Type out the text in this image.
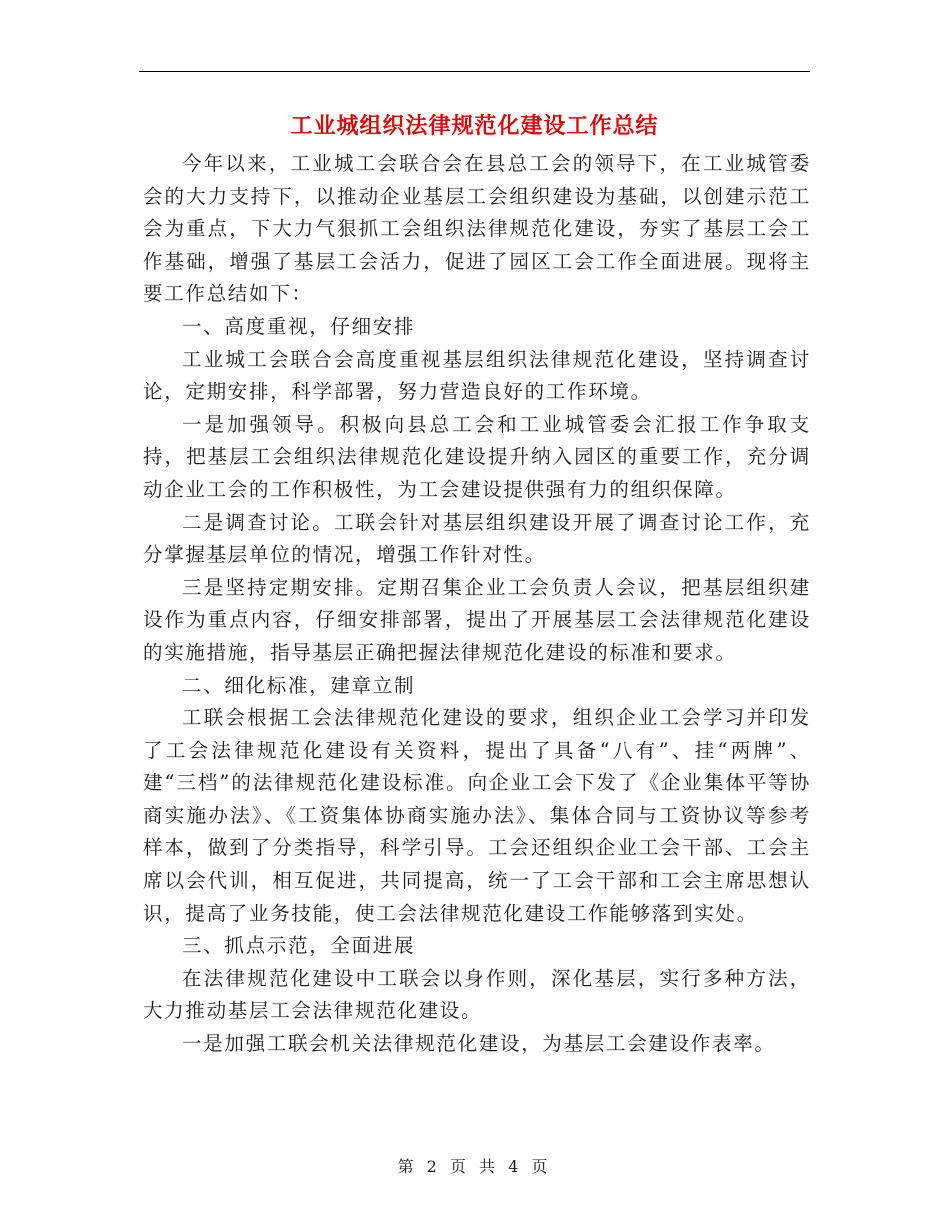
工业城组织法律规范化建设工作总结

今年以来，工业城工会联合会在县总工会的领导下，在工业城管委会的大力支持下，以推动企业基层工会组织建设为基础，以创建示范工会为重点，下大力气狠抓工会组织法律规范化建设，夯实了基层工会工作基础，增强了基层工会活力，促进了园区工会工作全面进展。现将主要工作总结如下：

一、高度重视，仔细安排

工业城工会联合会高度重视基层组织法律规范化建设，坚持调查讨论，定期安排，科学部署，努力营造良好的工作环境。

一是加强领导。积极向县总工会和工业城管委会汇报工作争取支持，把基层工会组织法律规范化建设提升纳入园区的重要工作，充分调动企业工会的工作积极性，为工会建设提供强有力的组织保障。

二是调查讨论。工联会针对基层组织建设开展了调查讨论工作，充分掌握基层单位的情况，增强工作针对性。

三是坚持定期安排。定期召集企业工会负责人会议，把基层组织建设作为重点内容，仔细安排部署，提出了开展基层工会法律规范化建设的实施措施，指导基层正确把握法律规范化建设的标准和要求。

二、细化标准，建章立制

工联会根据工会法律规范化建设的要求，组织企业工会学习并印发了工会法律规范化建设有关资料，提出了具备“八有”、挂“两牌”、建“三档”的法律规范化建设标准。向企业工会下发了《企业集体平等协商实施办法》、《工资集体协商实施办法》、集体合同与工资协议等参考样本，做到了分类指导，科学引导。工会还组织企业工会干部、工会主席以会代训，相互促进，共同提高，统一了工会干部和工会主席思想认识，提高了业务技能，使工会法律规范化建设工作能够落到实处。

三、抓点示范，全面进展

在法律规范化建设中工联会以身作则，深化基层，实行多种方法，大力推动基层工会法律规范化建设。

一是加强工联会机关法律规范化建设，为基层工会建设作表率。

第 2 页 共 4 页
